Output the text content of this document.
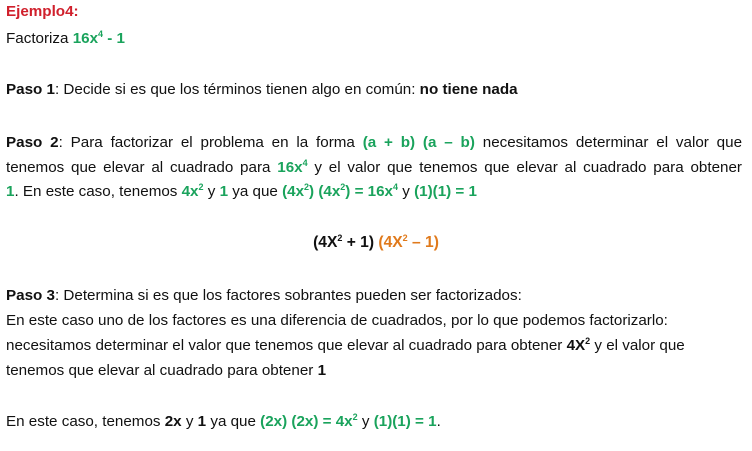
Ejemplo4:
Factoriza $16x^4 - 1$
Paso 1: Decide si es que los términos tienen algo en común: no tiene nada
Paso 2: Para factorizar el problema en la forma (a + b) (a – b) necesitamos determinar el valor que
tenemos que elevar al cuadrado para $16x^4$ y el valor que tenemos que elevar al cuadrado para obtener
1. En este caso, tenemos $4x^2$ y 1 ya que $(4x^2) (4x^2) = 16x^4$ y (1)(1) = 1
$(4X^2 + 1)$ $(4X^2 - 1)$
Paso 3: Determina si es que los factores sobrantes pueden ser factorizados:
En este caso uno de los factores es una diferencia de cuadrados, por lo que podemos factorizarlo:
necesitamos determinar el valor que tenemos que elevar al cuadrado para obtener $4X^2$ y el valor que
tenemos que elevar al cuadrado para obtener 1
En este caso, tenemos 2x y 1 ya que (2x) $(2x) = 4x^2$ y (1)(1) = 1.
